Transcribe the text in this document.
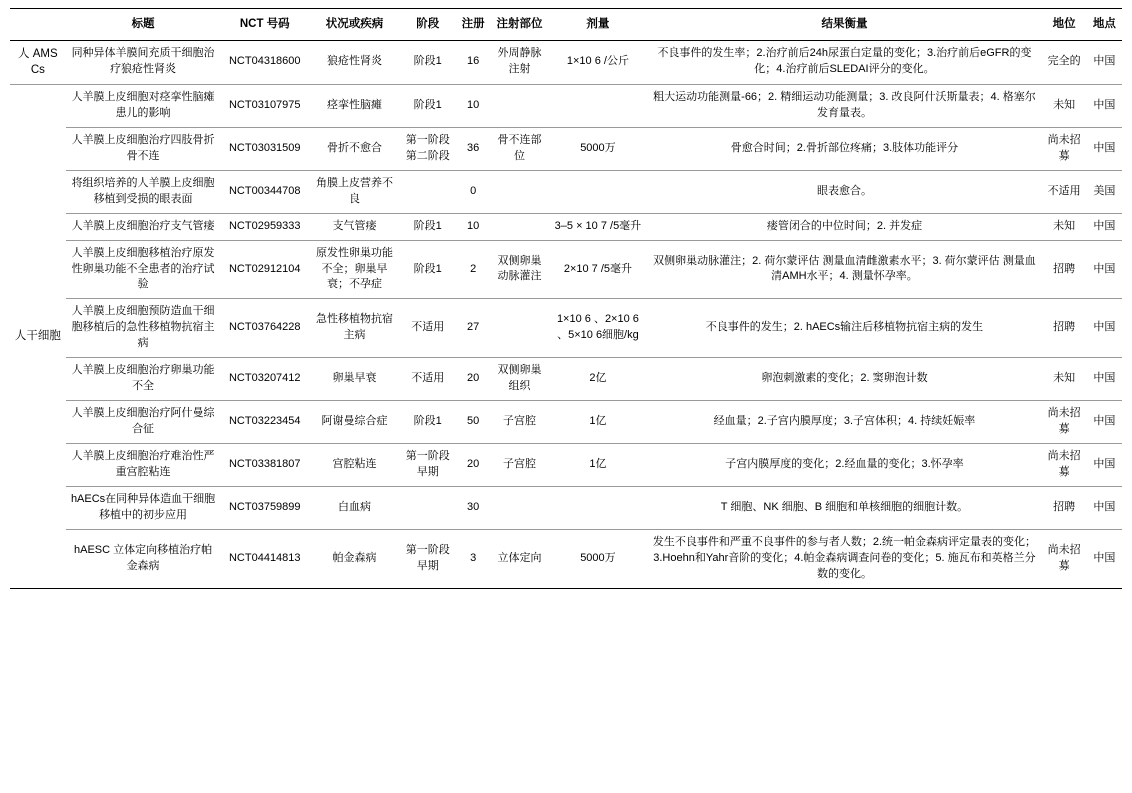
	标题	NCT 号码	状况或疾病	阶段	注册	注射部位	剂量	结果衡量	地位	地点
人 AMSCs	同种异体羊膜间充质干细胞治疗狼疮性肾炎	NCT04318600	狼疮性肾炎	阶段1	16	外周静脉注射	1×10 6 /公斤	不良事件的发生率；2.治疗前后24h尿蛋白定量的变化；3.治疗前后eGFR的变化；4.治疗前后SLEDAI评分的变化。	完全的	中国
人干细胞	人羊膜上皮细胞对痉挛性脑瘫患儿的影响	NCT03107975	痉挛性脑瘫	阶段1	10			粗大运动功能测量-66；2. 精细运动功能测量；3. 改良阿什沃斯量表；4. 格塞尔发育量表。	未知	中国
	人羊膜上皮细胞治疗四肢骨折骨不连	NCT03031509	骨折不愈合	第一阶段第二阶段	36	骨不连部位	5000万	骨愈合时间；2.骨折部位疼痛；3.肢体功能评分	尚未招募	中国
	将组织培养的人羊膜上皮细胞移植到受损的眼表面	NCT00344708	角膜上皮营养不良		0			眼表愈合。	不适用	美国
	人羊膜上皮细胞治疗支气管瘘	NCT02959333	支气管瘘	阶段1	10		3–5 × 10 7 /5毫升	瘘管闭合的中位时间；2. 并发症	未知	中国
	人羊膜上皮细胞移植治疗原发性卵巢功能不全患者的治疗试验	NCT02912104	原发性卵巢功能不全；卵巢早衰；不孕症	阶段1	2	双侧卵巢动脉灌注	2×10 7 /5毫升	双侧卵巢动脉灌注；2. 荷尔蒙评估 测量血清雌激素水平；3. 荷尔蒙评估 测量血清AMH水平；4. 测量怀孕率。	招聘	中国
	人羊膜上皮细胞预防造血干细胞移植后的急性移植物抗宿主病	NCT03764228	急性移植物抗宿主病	不适用	27		1×10 6 、2×10 6 、5×10 6细胞/kg	不良事件的发生；2. hAECs输注后移植物抗宿主病的发生	招聘	中国
	人羊膜上皮细胞治疗卵巢功能不全	NCT03207412	卵巢早衰	不适用	20	双侧卵巢组织	2亿	卵泡刺激素的变化；2. 窦卵泡计数	未知	中国
	人羊膜上皮细胞治疗阿什曼综合征	NCT03223454	阿谢曼综合症	阶段1	50	子宫腔	1亿	经血量；2.子宫内膜厚度；3.子宫体积；4. 持续妊娠率	尚未招募	中国
	人羊膜上皮细胞治疗难治性严重宫腔粘连	NCT03381807	宫腔粘连	第一阶段早期	20	子宫腔	1亿	子宫内膜厚度的变化；2.经血量的变化；3.怀孕率	尚未招募	中国
	hAECs在同种异体造血干细胞移植中的初步应用	NCT03759899	白血病		30			T 细胞、NK 细胞、B 细胞和单核细胞的细胞计数。	招聘	中国
	hAESC 立体定向移植治疗帕金森病	NCT04414813	帕金森病	第一阶段早期	3	立体定向	5000万	发生不良事件和严重不良事件的参与者人数；2.统一帕金森病评定量表的变化；3.Hoehn和Yahr音阶的变化；4.帕金森病调查问卷的变化；5. 施瓦布和英格兰分数的变化。	尚未招募	中国
